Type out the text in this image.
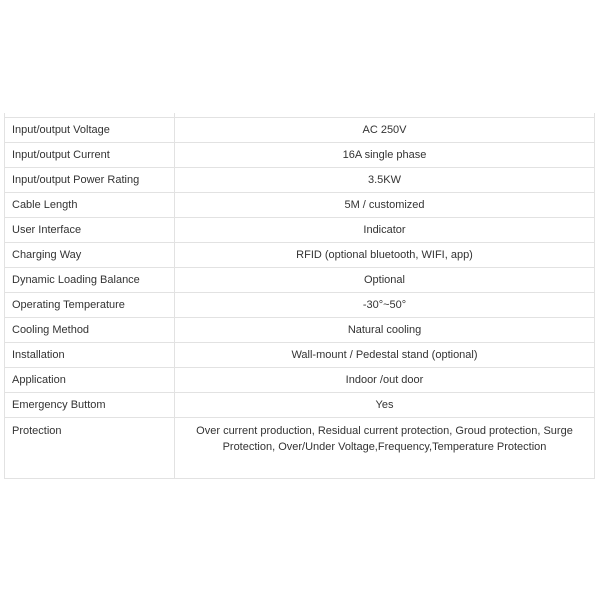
Input/output Voltage	AC 250V
Input/output Current	16A single phase
Input/output Power Rating	3.5KW
Cable Length	5M / customized
User Interface	Indicator
Charging Way	RFID (optional bluetooth, WIFI, app)
Dynamic Loading Balance	Optional
Operating Temperature	-30°~50°
Cooling Method	Natural cooling
Installation	Wall-mount / Pedestal stand (optional)
Application	Indoor /out door
Emergency Buttom	Yes
Protection	Over current production, Residual current protection, Groud protection, Surge Protection, Over/Under Voltage,Frequency,Temperature Protection
